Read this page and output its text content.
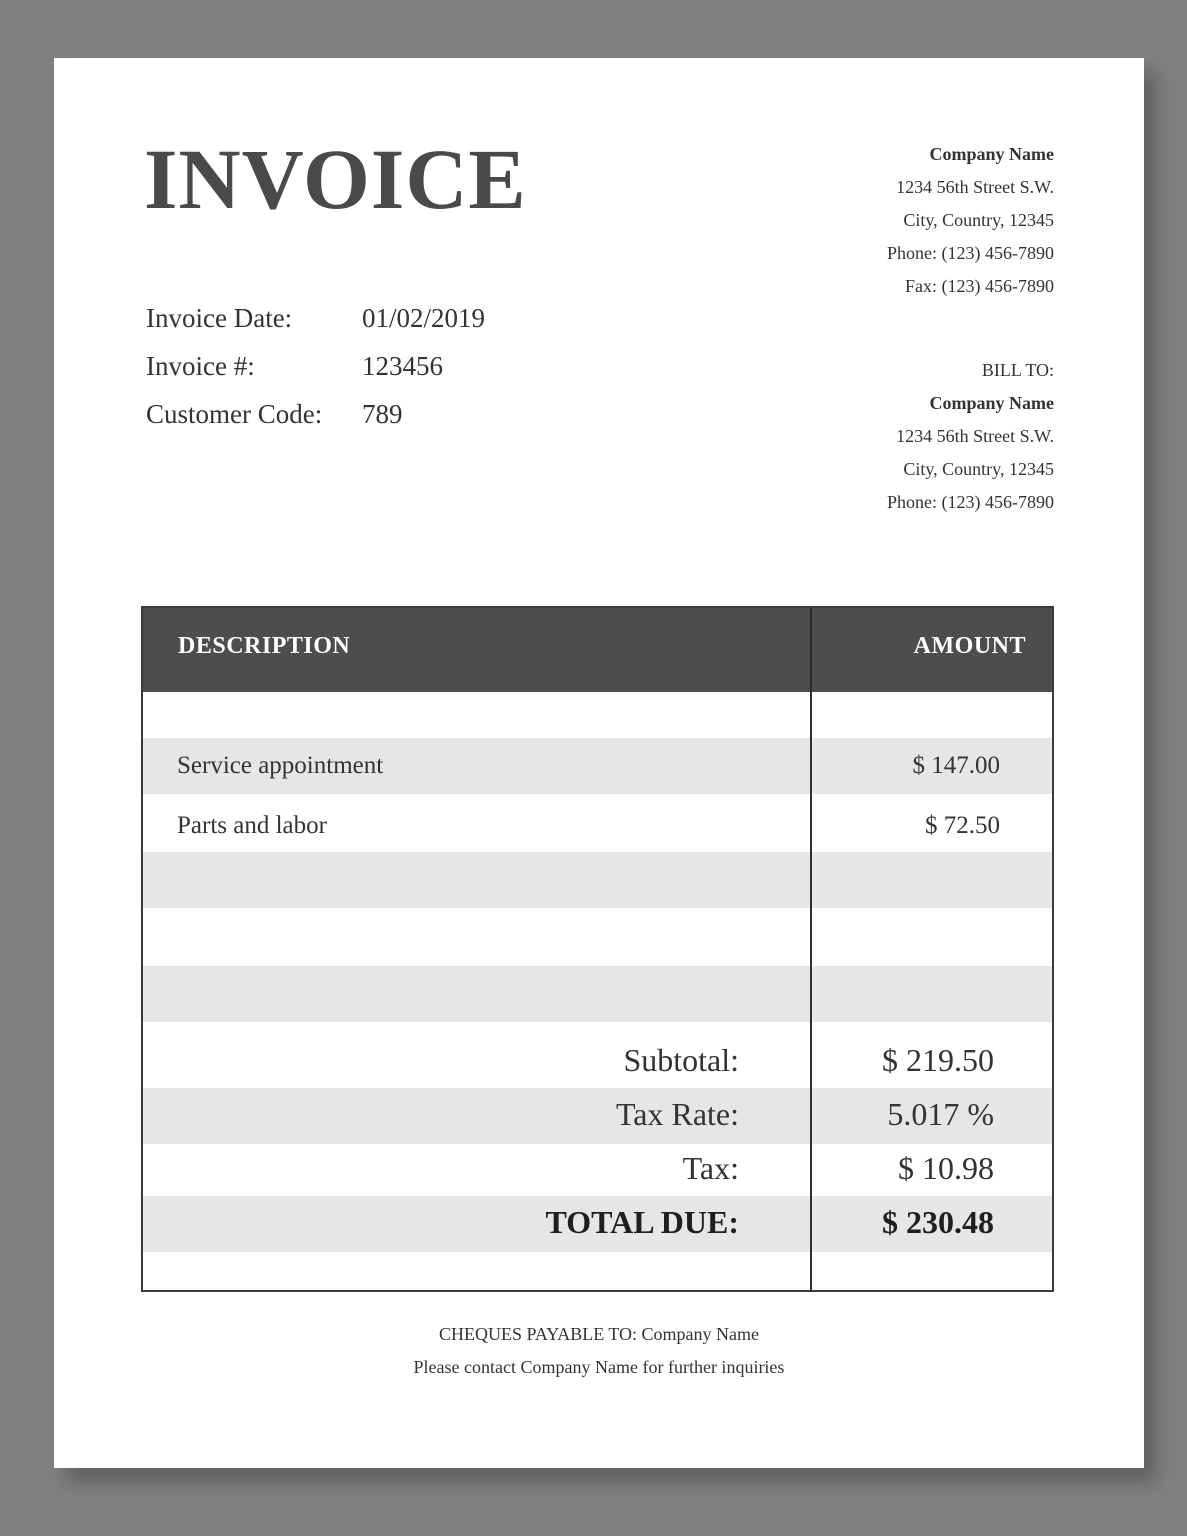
INVOICE	Company Name
1234 56th Street S.W.
City, Country, 12345
Phone: (123) 456-7890
Fax: (123) 456-7890
BILL TO:
Company Name
1234 56th Street S.W.
City, Country, 12345
Phone: (123) 456-7890
Invoice Date:	01/02/2019
Invoice #:	123456
Customer Code:	789
DESCRIPTION	AMOUNT
Service appointment	$ 147.00
Parts and labor	$ 72.50
Subtotal:	$ 219.50
Tax Rate:	5.017 %
Tax:	$ 10.98
TOTAL DUE:	$ 230.48
CHEQUES PAYABLE TO: Company Name
Please contact Company Name for further inquiries
